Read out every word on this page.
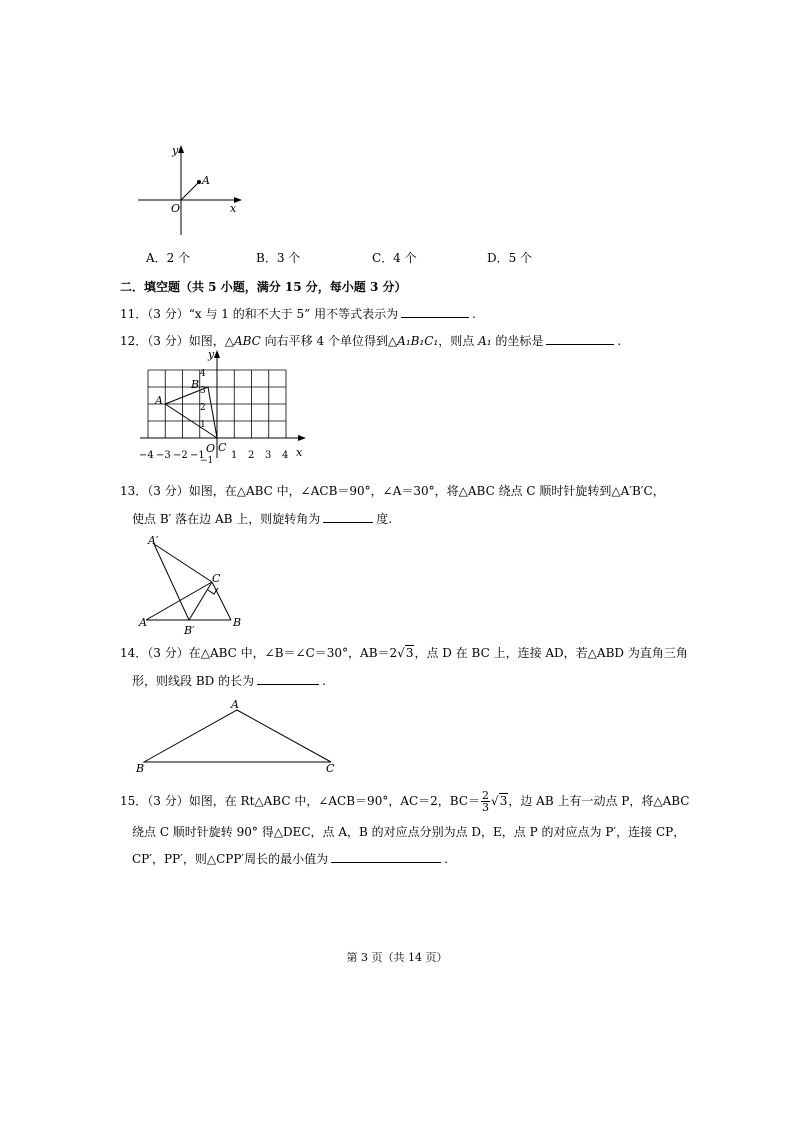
y
x
O
A
A．2 个	B．3 个	C．4 个	D．5 个
二．填空题（共 5 小题，满分 15 分，每小题 3 分）
11．（3 分）“x 与 1 的和不大于 5” 用不等式表示为	.
12．（3 分）如图，△ABC 向右平移 4 个单位得到△A₁B₁C₁，则点 A₁ 的坐标是	.
y
x
O
A
B
C
−4 −3 −2 −1	1 2 3 4
4
3
2
1
−1
13．（3 分）如图，在△ABC 中，∠ACB＝90°，∠A＝30°，将△ABC 绕点 C 顺时针旋转到△A′B′C，
使点 B′ 落在边 AB 上，则旋转角为	度.
A′
A	B
C
B′
14．（3 分）在△ABC 中，∠B＝∠C＝30°，AB＝2√3，点 D 在 BC 上，连接 AD，若△ABD 为直角三角
形，则线段 BD 的长为	.
A
B	C
15．（3 分）如图，在 Rt△ABC 中，∠ACB＝90°，AC＝2，$BC= \frac{2}{3} √3$，边 AB 上有一动点 P，将△ABC
绕点 C 顺时针旋转 90° 得△DEC，点 A，B 的对应点分别为点 D，E，点 P 的对应点为 P′，连接 CP，
CP′，PP′，则△CPP′周长的最小值为	.
第 3 页（共 14 页）
